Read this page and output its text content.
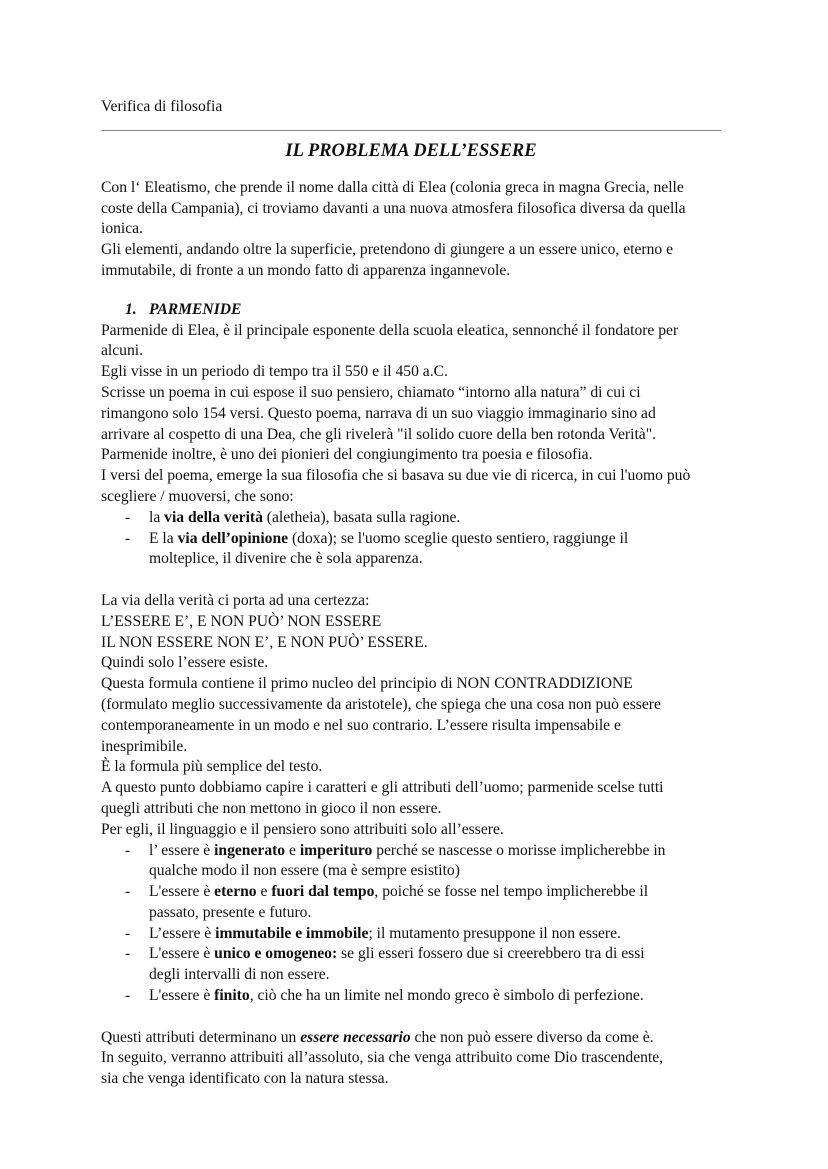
Verifica di filosofia
IL PROBLEMA DELL’ESSERE
Con l‘ Eleatismo, che prende il nome dalla città di Elea (colonia greca in magna Grecia, nelle
coste della Campania), ci troviamo davanti a una nuova atmosfera filosofica diversa da quella
ionica.
Gli elementi, andando oltre la superficie, pretendono di giungere a un essere unico, eterno e
immutabile, di fronte a un mondo fatto di apparenza ingannevole.
1. PARMENIDE
Parmenide di Elea, è il principale esponente della scuola eleatica, sennonché il fondatore per
alcuni.
Egli visse in un periodo di tempo tra il 550 e il 450 a.C.
Scrisse un poema in cui espose il suo pensiero, chiamato “intorno alla natura” di cui ci
rimangono solo 154 versi. Questo poema, narrava di un suo viaggio immaginario sino ad
arrivare al cospetto di una Dea, che gli rivelerà "il solido cuore della ben rotonda Verità".
Parmenide inoltre, è uno dei pionieri del congiungimento tra poesia e filosofia.
I versi del poema, emerge la sua filosofia che si basava su due vie di ricerca, in cui l'uomo può
scegliere / muoversi, che sono:
- la via della verità (aletheia), basata sulla ragione.
- E la via dell’opinione (doxa); se l'uomo sceglie questo sentiero, raggiunge il
molteplice, il divenire che è sola apparenza.
La via della verità ci porta ad una certezza:
L’ESSERE E’, E NON PUÒ’ NON ESSERE
IL NON ESSERE NON E’, E NON PUÒ’ ESSERE.
Quindi solo l’essere esiste.
Questa formula contiene il primo nucleo del principio di NON CONTRADDIZIONE
(formulato meglio successivamente da aristotele), che spiega che una cosa non può essere
contemporaneamente in un modo e nel suo contrario. L’essere risulta impensabile e
inesprimibile.
È la formula più semplice del testo.
A questo punto dobbiamo capire i caratteri e gli attributi dell’uomo; parmenide scelse tutti
quegli attributi che non mettono in gioco il non essere.
Per egli, il linguaggio e il pensiero sono attribuiti solo all’essere.
- l’ essere è ingenerato e imperituro perché se nascesse o morisse implicherebbe in
qualche modo il non essere (ma è sempre esistito)
- L'essere è eterno e fuori dal tempo, poiché se fosse nel tempo implicherebbe il
passato, presente e futuro.
- L’essere è immutabile e immobile; il mutamento presuppone il non essere.
- L'essere è unico e omogeneo: se gli esseri fossero due si creerebbero tra di essi
degli intervalli di non essere.
- L'essere è finito, ciò che ha un limite nel mondo greco è simbolo di perfezione.
Questi attributi determinano un essere necessario che non può essere diverso da come è.
In seguito, verranno attribuiti all’assoluto, sia che venga attribuito come Dio trascendente,
sia che venga identificato con la natura stessa.
